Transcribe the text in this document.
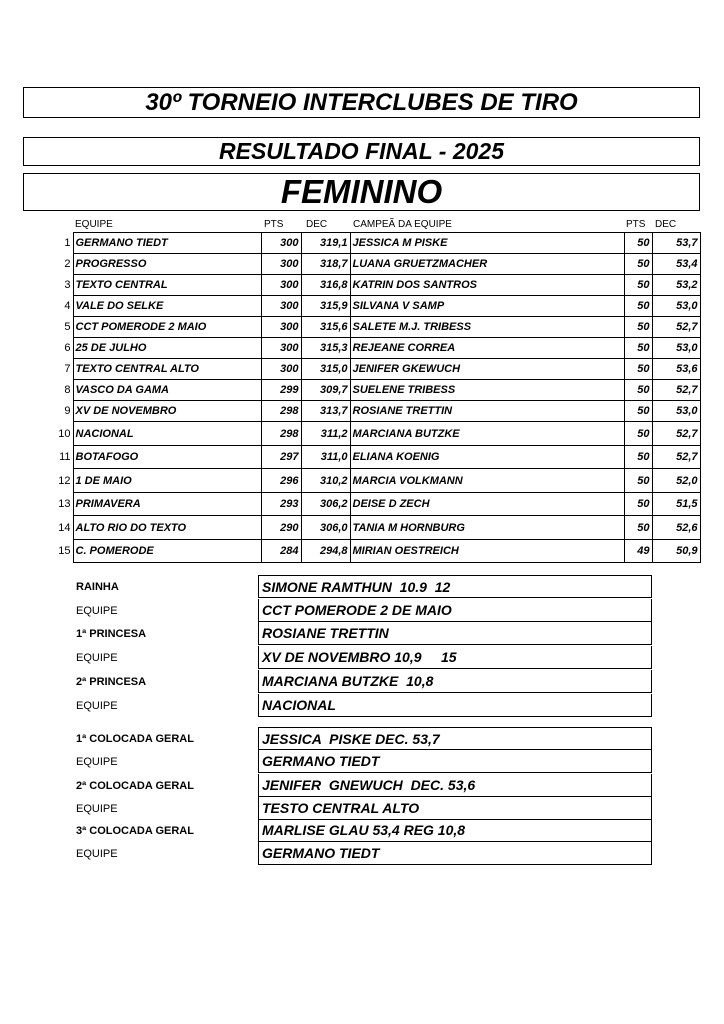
30º TORNEIO INTERCLUBES DE TIRO
RESULTADO FINAL - 2025
FEMININO
EQUIPE	PTS DEC	CAMPEÃ DA EQUIPE	PTS DEC
1	GERMANO TIEDT	300	319,1	JESSICA M PISKE	50	53,7
2	PROGRESSO	300	318,7	LUANA GRUETZMACHER	50	53,4
3	TEXTO CENTRAL	300	316,8	KATRIN DOS SANTROS	50	53,2
4	VALE DO SELKE	300	315,9	SILVANA V SAMP	50	53,0
5	CCT POMERODE 2 MAIO	300	315,6	SALETE M.J. TRIBESS	50	52,7
6	25 DE JULHO	300	315,3	REJEANE CORREA	50	53,0
7	TEXTO CENTRAL ALTO	300	315,0	JENIFER GKEWUCH	50	53,6
8	VASCO DA GAMA	299	309,7	SUELENE TRIBESS	50	52,7
9	XV DE NOVEMBRO	298	313,7	ROSIANE TRETTIN	50	53,0
10	NACIONAL	298	311,2	MARCIANA BUTZKE	50	52,7
11	BOTAFOGO	297	311,0	ELIANA KOENIG	50	52,7
12	1 DE MAIO	296	310,2	MARCIA VOLKMANN	50	52,0
13	PRIMAVERA	293	306,2	DEISE D ZECH	50	51,5
14	ALTO RIO DO TEXTO	290	306,0	TANIA M HORNBURG	50	52,6
15	C. POMERODE	284	294,8	MIRIAN OESTREICH	49	50,9
RAINHA	SIMONE RAMTHUN  10.9  12
EQUIPE	CCT POMERODE 2 DE MAIO
1ª PRINCESA	ROSIANE TRETTIN
EQUIPE	XV DE NOVEMBRO 10,9     15
2ª PRINCESA	MARCIANA BUTZKE  10,8
EQUIPE	NACIONAL
1ª COLOCADA GERAL	JESSICA  PISKE DEC. 53,7
EQUIPE	GERMANO TIEDT
2ª COLOCADA GERAL	JENIFER  GNEWUCH  DEC. 53,6
EQUIPE	TESTO CENTRAL ALTO
3ª COLOCADA GERAL	MARLISE GLAU 53,4 REG 10,8
EQUIPE	GERMANO TIEDT
